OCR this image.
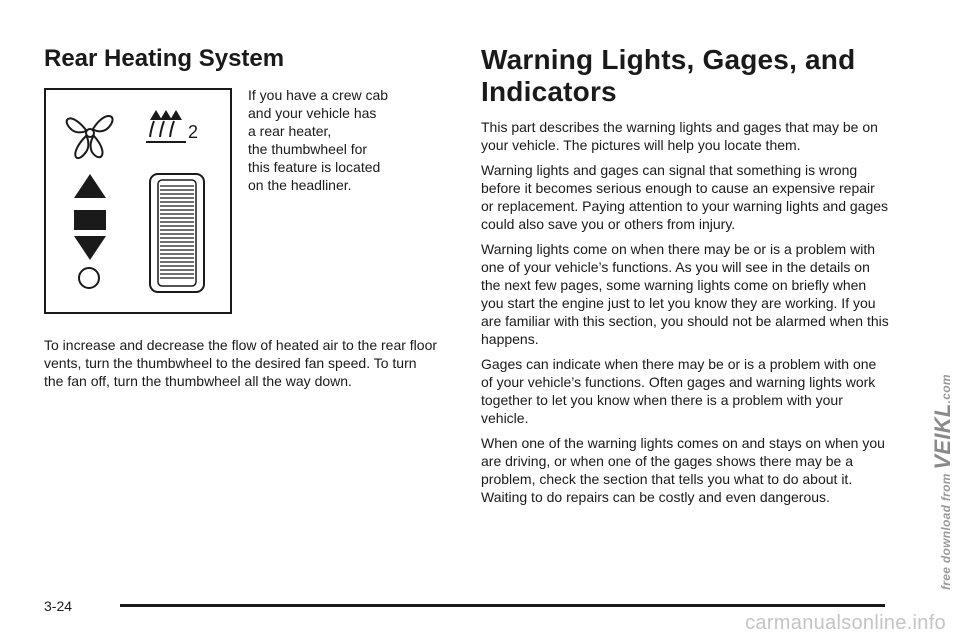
Rear Heating System
2

If you have a crew cab
and your vehicle has
a rear heater,
the thumbwheel for
this feature is located
on the headliner.

To increase and decrease the flow of heated air to the rear floor vents, turn the thumbwheel to the desired fan speed. To turn the fan off, turn the thumbwheel all the way down.

Warning Lights, Gages, and Indicators

This part describes the warning lights and gages that may be on your vehicle. The pictures will help you locate them.

Warning lights and gages can signal that something is wrong before it becomes serious enough to cause an expensive repair or replacement. Paying attention to your warning lights and gages could also save you or others from injury.

Warning lights come on when there may be or is a problem with one of your vehicle’s functions. As you will see in the details on the next few pages, some warning lights come on briefly when you start the engine just to let you know they are working. If you are familiar with this section, you should not be alarmed when this happens.

Gages can indicate when there may be or is a problem with one of your vehicle’s functions. Often gages and warning lights work together to let you know when there is a problem with your vehicle.

When one of the warning lights comes on and stays on when you are driving, or when one of the gages shows there may be a problem, check the section that tells you what to do about it. Waiting to do repairs can be costly and even dangerous.

3-24
free download from VEIKL.com
carmanualsonline.info
